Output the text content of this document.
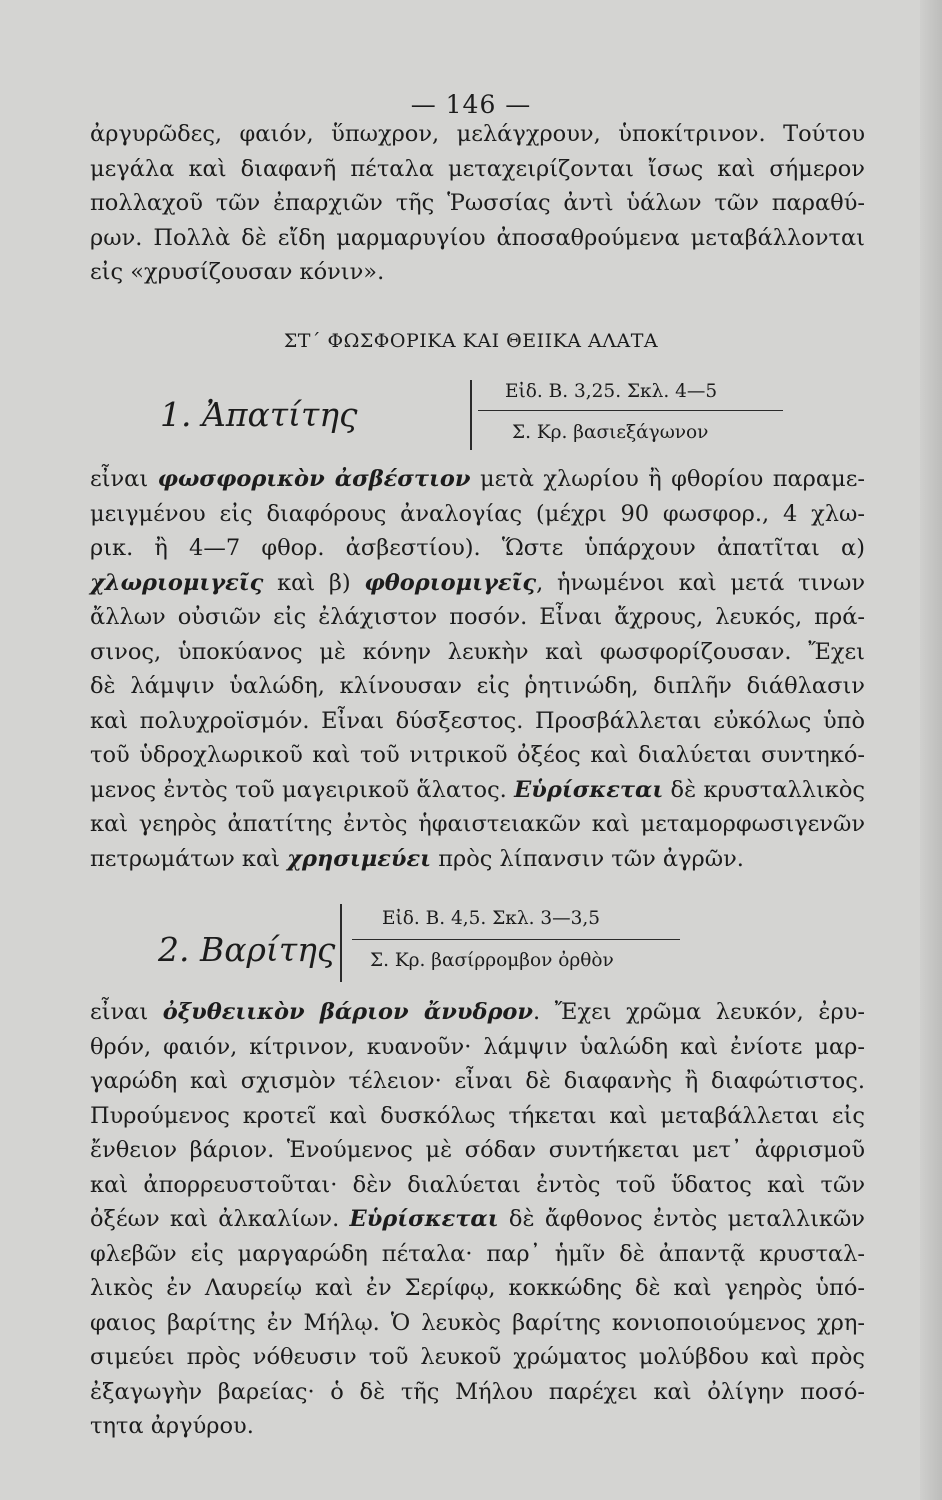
— 146 —
ἀργυρῶδες, φαιόν, ὕπωχρον, μελάγχρουν, ὑποκίτρινον. Τούτου
μεγάλα καὶ διαφανῆ πέταλα μεταχειρίζονται ἴσως καὶ σήμερον
πολλαχοῦ τῶν ἐπαρχιῶν τῆς Ῥωσσίας ἀντὶ ὑάλων τῶν παραθύ-
ρων. Πολλὰ δὲ εἴδη μαρμαρυγίου ἀποσαθρούμενα μεταβάλλονται
εἰς «χρυσίζουσαν κόνιν».
ΣΤ΄ ΦΩΣΦΟΡΙΚΑ ΚΑΙ ΘΕΙΙΚΑ ΑΛΑΤΑ
1. Ἀπατίτης
Εἰδ. Β. 3,25. Σκλ. 4—5
Σ. Κρ. βασιεξάγωνον
εἶναι φωσφορικὸν ἀσβέστιον μετὰ χλωρίου ἢ φθορίου παραμε-
μειγμένου εἰς διαφόρους ἀναλογίας (μέχρι 90 φωσφορ., 4 χλω-
ρικ. ἢ 4—7 φθορ. ἀσβεστίου). Ὥστε ὑπάρχουν ἀπατῖται α)
χλωριομιγεῖς καὶ β) φθοριομιγεῖς, ἡνωμένοι καὶ μετά τινων
ἄλλων οὐσιῶν εἰς ἐλάχιστον ποσόν. Εἶναι ἄχρους, λευκός, πρά-
σινος, ὑποκύανος μὲ κόνην λευκὴν καὶ φωσφορίζουσαν. Ἔχει
δὲ λάμψιν ὑαλώδη, κλίνουσαν εἰς ῥητινώδη, διπλῆν διάθλασιν
καὶ πολυχροϊσμόν. Εἶναι δύσξεστος. Προσβάλλεται εὐκόλως ὑπὸ
τοῦ ὑδροχλωρικοῦ καὶ τοῦ νιτρικοῦ ὀξέος καὶ διαλύεται συντηκό-
μενος ἐντὸς τοῦ μαγειρικοῦ ἅλατος. Εὑρίσκεται δὲ κρυσταλλικὸς
καὶ γεηρὸς ἀπατίτης ἐντὸς ἡφαιστειακῶν καὶ μεταμορφωσιγενῶν
πετρωμάτων καὶ χρησιμεύει πρὸς λίπανσιν τῶν ἀγρῶν.
2. Βαρίτης
Εἰδ. Β. 4,5. Σκλ. 3—3,5
Σ. Κρ. βασίρρομβον ὀρθὸν
εἶναι ὀξυθειικὸν βάριον ἄνυδρον. Ἔχει χρῶμα λευκόν, ἐρυ-
θρόν, φαιόν, κίτρινον, κυανοῦν· λάμψιν ὑαλώδη καὶ ἐνίοτε μαρ-
γαρώδη καὶ σχισμὸν τέλειον· εἶναι δὲ διαφανὴς ἢ διαφώτιστος.
Πυρούμενος κροτεῖ καὶ δυσκόλως τήκεται καὶ μεταβάλλεται εἰς
ἔνθειον βάριον. Ἑνούμενος μὲ σόδαν συντήκεται μετ᾽ ἀφρισμοῦ
καὶ ἀπορρευστοῦται· δὲν διαλύεται ἐντὸς τοῦ ὕδατος καὶ τῶν
ὀξέων καὶ ἀλκαλίων. Εὑρίσκεται δὲ ἄφθονος ἐντὸς μεταλλικῶν
φλεβῶν εἰς μαργαρώδη πέταλα· παρ᾽ ἡμῖν δὲ ἀπαντᾷ κρυσταλ-
λικὸς ἐν Λαυρείῳ καὶ ἐν Σερίφῳ, κοκκώδης δὲ καὶ γεηρὸς ὑπό-
φαιος βαρίτης ἐν Μήλῳ. Ὁ λευκὸς βαρίτης κονιοποιούμενος χρη-
σιμεύει πρὸς νόθευσιν τοῦ λευκοῦ χρώματος μολύβδου καὶ πρὸς
ἐξαγωγὴν βαρείας· ὁ δὲ τῆς Μήλου παρέχει καὶ ὀλίγην ποσό-
τητα ἀργύρου.
